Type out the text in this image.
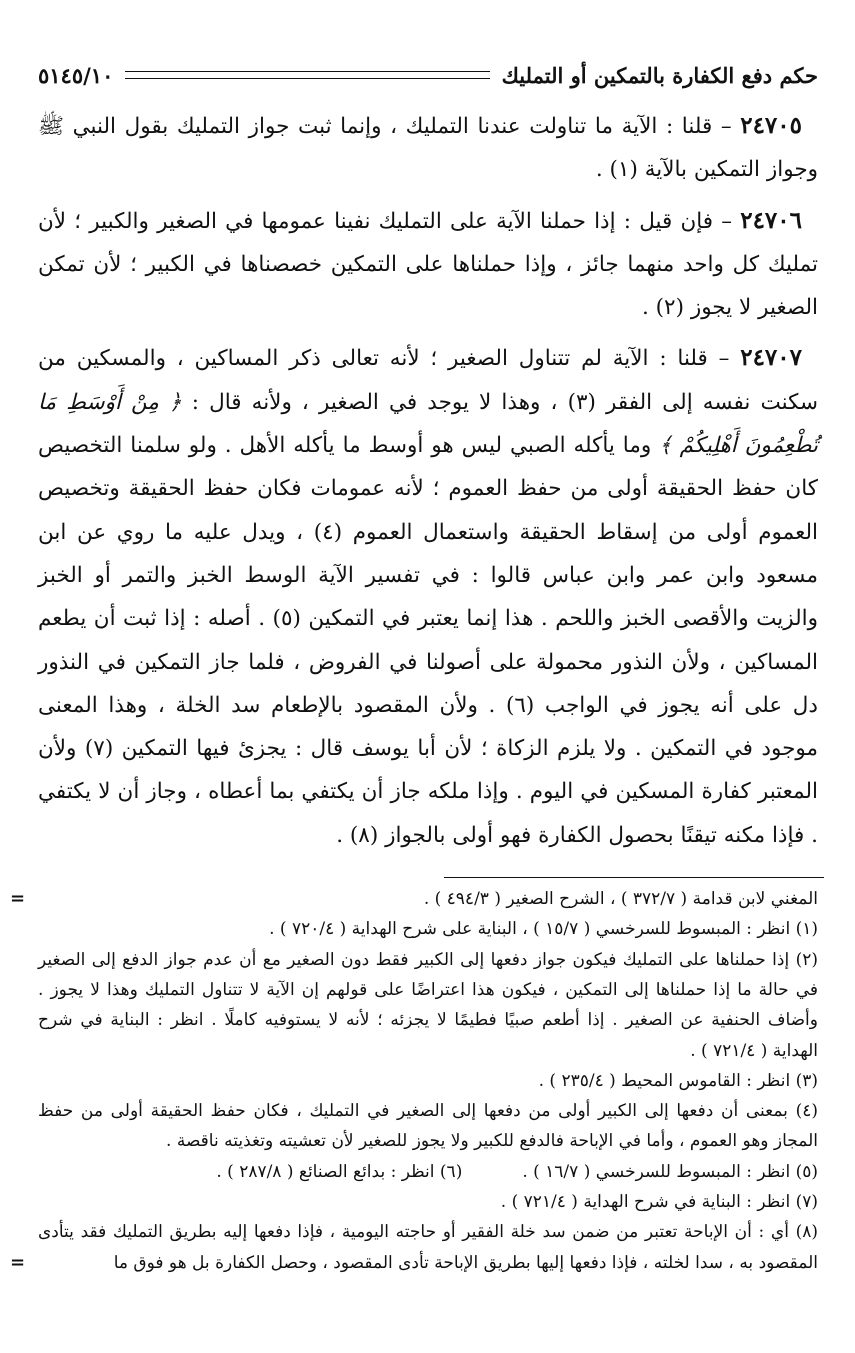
حكم دفع الكفارة بالتمكين أو التمليك
٥١٤٥/١٠

٢٤٧٠٥ – قلنا : الآية ما تناولت عندنا التمليك ، وإنما ثبت جواز التمليك بقول النبي ﷺ وجواز التمكين بالآية (١) .

٢٤٧٠٦ – فإن قيل : إذا حملنا الآية على التمليك نفينا عمومها في الصغير والكبير ؛ لأن تمليك كل واحد منهما جائز ، وإذا حملناها على التمكين خصصناها في الكبير ؛ لأن تمكن الصغير لا يجوز (٢) .

٢٤٧٠٧ – قلنا : الآية لم تتناول الصغير ؛ لأنه تعالى ذكر المساكين ، والمسكين من سكنت نفسه إلى الفقر (٣) ، وهذا لا يوجد في الصغير ، ولأنه قال : ﴿ مِنْ أَوْسَطِ مَا تُطْعِمُونَ أَهْلِيكُمْ ﴾ وما يأكله الصبي ليس هو أوسط ما يأكله الأهل . ولو سلمنا التخصيص كان حفظ الحقيقة أولى من حفظ العموم ؛ لأنه عمومات فكان حفظ الحقيقة وتخصيص العموم أولى من إسقاط الحقيقة واستعمال العموم (٤) ، ويدل عليه ما روي عن ابن مسعود وابن عمر وابن عباس قالوا : في تفسير الآية الوسط الخبز والتمر أو الخبز والزيت والأقصى الخبز واللحم . هذا إنما يعتبر في التمكين (٥) . أصله : إذا ثبت أن يطعم المساكين ، ولأن النذور محمولة على أصولنا في الفروض ، فلما جاز التمكين في النذور دل على أنه يجوز في الواجب (٦) . ولأن المقصود بالإطعام سد الخلة ، وهذا المعنى موجود في التمكين . ولا يلزم الزكاة ؛ لأن أبا يوسف قال : يجزئ فيها التمكين (٧) ولأن المعتبر كفارة المسكين في اليوم . وإذا ملكه جاز أن يكتفي بما أعطاه ، وجاز أن لا يكتفي . فإذا مكنه تيقنًا بحصول الكفارة فهو أولى بالجواز (٨) .

=	المغني لابن قدامة ( ٣٧٢/٧ ) ، الشرح الصغير ( ٤٩٤/٣ ) .

(١) انظر : المبسوط للسرخسي ( ١٥/٧ ) ، البناية على شرح الهداية ( ٧٢٠/٤ ) .

(٢) إذا حملناها على التمليك فيكون جواز دفعها إلى الكبير فقط دون الصغير مع أن عدم جواز الدفع إلى الصغير في حالة ما إذا حملناها إلى التمكين ، فيكون هذا اعتراضًا على قولهم إن الآية لا تتناول التمليك وهذا لا يجوز . وأضاف الحنفية عن الصغير . إذا أطعم صبيًا فطيمًا لا يجزئه ؛ لأنه لا يستوفيه كاملًا . انظر : البناية في شرح الهداية ( ٧٢١/٤ ) .

(٣) انظر : القاموس المحيط ( ٢٣٥/٤ ) .

(٤) بمعنى أن دفعها إلى الكبير أولى من دفعها إلى الصغير في التمليك ، فكان حفظ الحقيقة أولى من حفظ المجاز وهو العموم ، وأما في الإباحة فالدفع للكبير ولا يجوز للصغير لأن تعشيته وتغذيته ناقصة .

(٥) انظر : المبسوط للسرخسي ( ١٦/٧ ) .
(٦) انظر : بدائع الصنائع ( ٢٨٧/٨ ) .

(٧) انظر : البناية في شرح الهداية ( ٧٢١/٤ ) .

=
(٨) أي : أن الإباحة تعتبر من ضمن سد خلة الفقير أو حاجته اليومية ، فإذا دفعها إليه بطريق التمليك فقد يتأدى المقصود به ، سدا لخلته ، فإذا دفعها إليها بطريق الإباحة تأدى المقصود ، وحصل الكفارة بل هو فوق ما
